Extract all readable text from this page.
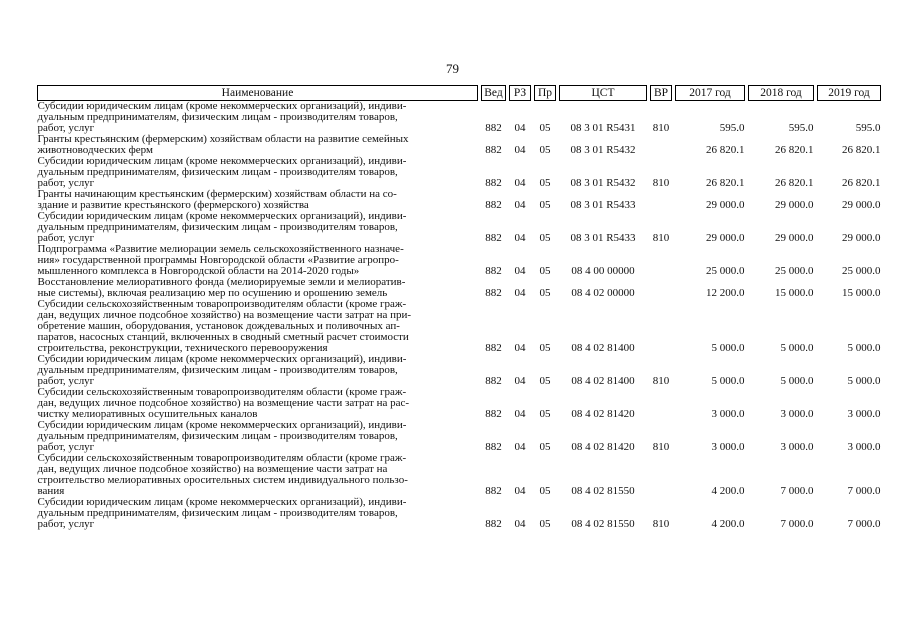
79
Наименование		Вед		РЗ		Пр		ЦСТ		ВР		2017 год		2018 год		2019 год
Субсидии юридическим лицам (кроме некоммерческих организаций), индиви-
дуальным предпринимателям, физическим лицам - производителям товаров,
работ, услуг		882		04		05		08 3 01 R5431		810		595.0		595.0		595.0
Гранты крестьянским (фермерским) хозяйствам области на развитие семейных
животноводческих ферм		882		04		05		08 3 01 R5432				26 820.1		26 820.1		26 820.1
Субсидии юридическим лицам (кроме некоммерческих организаций), индиви-
дуальным предпринимателям, физическим лицам - производителям товаров,
работ, услуг		882		04		05		08 3 01 R5432		810		26 820.1		26 820.1		26 820.1
Гранты начинающим крестьянским (фермерским) хозяйствам области на со-
здание и развитие крестьянского (фермерского) хозяйства		882		04		05		08 3 01 R5433				29 000.0		29 000.0		29 000.0
Субсидии юридическим лицам (кроме некоммерческих организаций), индиви-
дуальным предпринимателям, физическим лицам - производителям товаров,
работ, услуг		882		04		05		08 3 01 R5433		810		29 000.0		29 000.0		29 000.0
Подпрограмма «Развитие мелиорации земель сельскохозяйственного назначе-
ния» государственной программы Новгородской области «Развитие агропро-
мышленного комплекса в Новгородской области на 2014-2020 годы»		882		04		05		08 4 00 00000				25 000.0		25 000.0		25 000.0
Восстановление мелиоративного фонда (мелиорируемые земли и мелиоратив-
ные системы), включая реализацию мер по осушению и орошению земель		882		04		05		08 4 02 00000				12 200.0		15 000.0		15 000.0
Субсидии сельскохозяйственным товаропроизводителям области (кроме граж-
дан, ведущих личное подсобное хозяйство) на возмещение части затрат на при-
обретение машин, оборудования, установок дождевальных и поливочных ап-
паратов, насосных станций, включенных в сводный сметный расчет стоимости
строительства, реконструкции, технического перевооружения		882		04		05		08 4 02 81400				5 000.0		5 000.0		5 000.0
Субсидии юридическим лицам (кроме некоммерческих организаций), индиви-
дуальным предпринимателям, физическим лицам - производителям товаров,
работ, услуг		882		04		05		08 4 02 81400		810		5 000.0		5 000.0		5 000.0
Субсидии сельскохозяйственным товаропроизводителям области (кроме граж-
дан, ведущих личное подсобное хозяйство) на возмещение части затрат на рас-
чистку мелиоративных осушительных каналов		882		04		05		08 4 02 81420				3 000.0		3 000.0		3 000.0
Субсидии юридическим лицам (кроме некоммерческих организаций), индиви-
дуальным предпринимателям, физическим лицам - производителям товаров,
работ, услуг		882		04		05		08 4 02 81420		810		3 000.0		3 000.0		3 000.0
Субсидии сельскохозяйственным товаропроизводителям области (кроме граж-
дан, ведущих личное подсобное хозяйство) на возмещение части затрат на
строительство мелиоративных оросительных систем индивидуального пользо-
вания		882		04		05		08 4 02 81550				4 200.0		7 000.0		7 000.0
Субсидии юридическим лицам (кроме некоммерческих организаций), индиви-
дуальным предпринимателям, физическим лицам - производителям товаров,
работ, услуг		882		04		05		08 4 02 81550		810		4 200.0		7 000.0		7 000.0
